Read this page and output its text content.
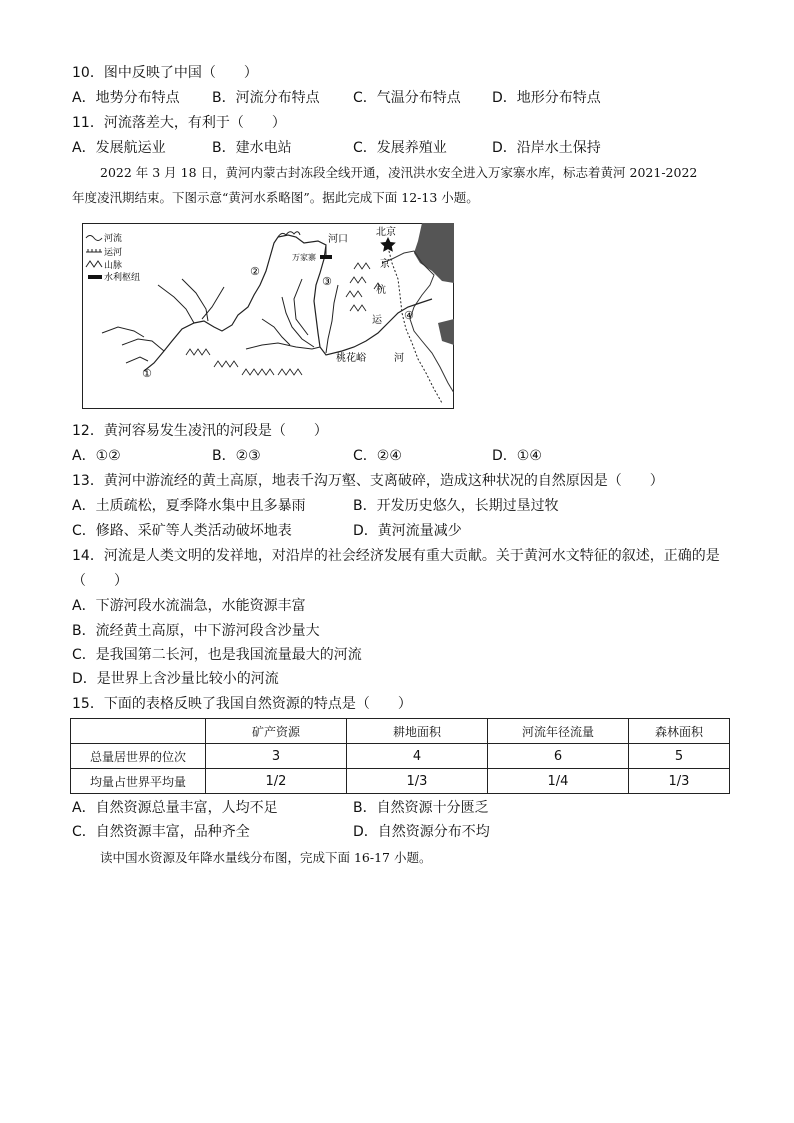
10．图中反映了中国（　　）
A．地势分布特点 B．河流分布特点 C．气温分布特点 D．地形分布特点
11．河流落差大，有利于（　　）
A．发展航运业	B．建水电站	C．发展养殖业	D．沿岸水土保持
2022 年 3 月 18 日，黄河内蒙古封冻段全线开通，凌汛洪水安全进入万家寨水库，标志着黄河 2021-2022
年度凌汛期结束。下图示意“黄河水系略图”。据此完成下面 12-13 小题。
河流
运河
山脉
水利枢纽
河口
北京
万家寨
桃花峪
京
杭
运
河
①
②
③
④
12．黄河容易发生凌汛的河段是（　　）
A．①②	B．②③	C．②④	D．①④
13．黄河中游流经的黄土高原，地表千沟万壑、支离破碎，造成这种状况的自然原因是（　　）
A．土质疏松，夏季降水集中且多暴雨	B．开发历史悠久，长期过垦过牧
C．修路、采矿等人类活动破坏地表	D．黄河流量减少
14．河流是人类文明的发祥地，对沿岸的社会经济发展有重大贡献。关于黄河水文特征的叙述，正确的是
（　　）
A．下游河段水流湍急，水能资源丰富
B．流经黄土高原，中下游河段含沙量大
C．是我国第二长河，也是我国流量最大的河流
D．是世界上含沙量比较小的河流
15．下面的表格反映了我国自然资源的特点是（　　）
	矿产资源	耕地面积	河流年径流量	森林面积
总量居世界的位次	3	4	6	5
均量占世界平均量	1/2	1/3	1/4	1/3
A．自然资源总量丰富，人均不足	B．自然资源十分匮乏
C．自然资源丰富，品种齐全	D．自然资源分布不均
读中国水资源及年降水量线分布图，完成下面 16-17 小题。
